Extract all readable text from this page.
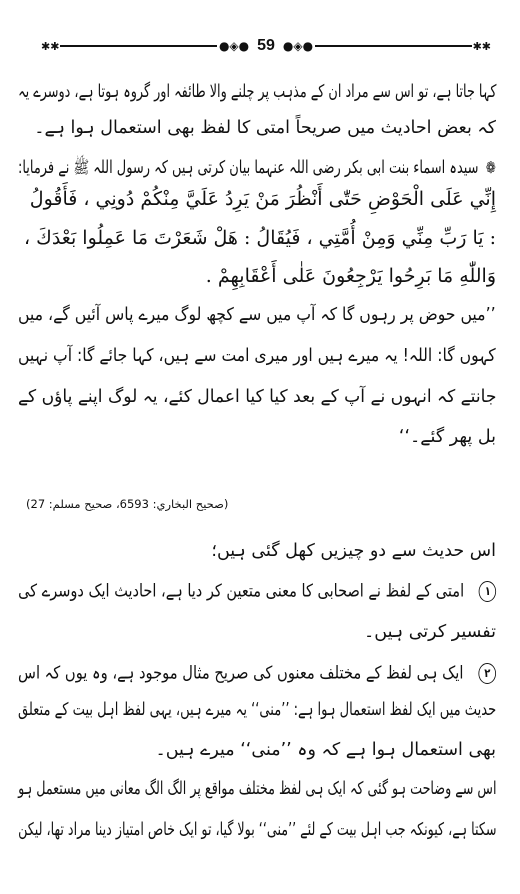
✱✱	●◈● 59 ●◈●	✱✱
کہا جاتا ہے، تو اس سے مراد ان کے مذہب پر چلنے والا طائفہ اور گروہ ہوتا ہے، دوسرے یہ
کہ بعض احادیث میں صریحاً امتی کا لفظ بھی استعمال ہوا ہے۔
❁سیدہ اسماء بنت ابی بکر رضی اللہ عنہما بیان کرتی ہیں کہ رسول اللہ ﷺ نے فرمایا:
إِنِّي عَلَى الْحَوْضِ حَتّٰى أَنْظُرَ مَنْ يَرِدُ عَلَيَّ مِنْكُمْ دُونِي ، فَأَقُولُ
: يَا رَبِّ مِنِّي وَمِنْ أُمَّتِي ، فَيُقَالُ : هَلْ شَعَرْتَ مَا عَمِلُوا بَعْدَكَ ،
وَاللّٰهِ مَا بَرِحُوا يَرْجِعُونَ عَلٰى أَعْقَابِهِمْ .
’’میں حوض پر رہوں گا کہ آپ میں سے کچھ لوگ میرے پاس آئیں گے، میں
کہوں گا: اللہ! یہ میرے ہیں اور میری امت سے ہیں، کہا جائے گا: آپ نہیں
جانتے کہ انہوں نے آپ کے بعد کیا کیا اعمال کئے، یہ لوگ اپنے پاؤں کے
بل پھر گئے۔‘‘
(صحيح البخاري: 6593، صحيح مسلم: 27)
اس حدیث سے دو چیزیں کھل گئی ہیں؛
۱امتی کے لفظ نے اصحابی کا معنی متعین کر دیا ہے، احادیث ایک دوسرے کی
تفسیر کرتی ہیں۔
۲ایک ہی لفظ کے مختلف معنوں کی صریح مثال موجود ہے، وہ یوں کہ اس
حدیث میں ایک لفظ استعمال ہوا ہے: ’’منی‘‘ یہ میرے ہیں، یہی لفظ اہل بیت کے متعلق
بھی استعمال ہوا ہے کہ وہ ’’منی‘‘ میرے ہیں۔
اس سے وضاحت ہو گئی کہ ایک ہی لفظ مختلف مواقع پر الگ الگ معانی میں مستعمل ہو
سکتا ہے، کیونکہ جب اہل بیت کے لئے ’’منی‘‘ بولا گیا، تو ایک خاص امتیاز دینا مراد تھا، لیکن
